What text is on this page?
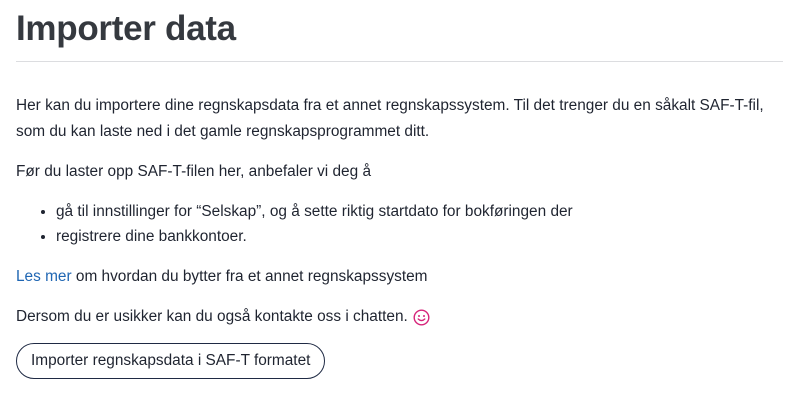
Importer data

Her kan du importere dine regnskapsdata fra et annet regnskapssystem. Til det trenger du en såkalt SAF-T-fil, som du kan laste ned i det gamle regnskapsprogrammet ditt.

Før du laster opp SAF-T-filen her, anbefaler vi deg å

• gå til innstillinger for “Selskap”, og å sette riktig startdato for bokføringen der
• registrere dine bankkontoer.

Les mer om hvordan du bytter fra et annet regnskapssystem

Dersom du er usikker kan du også kontakte oss i chatten.

Importer regnskapsdata i SAF-T formatet
